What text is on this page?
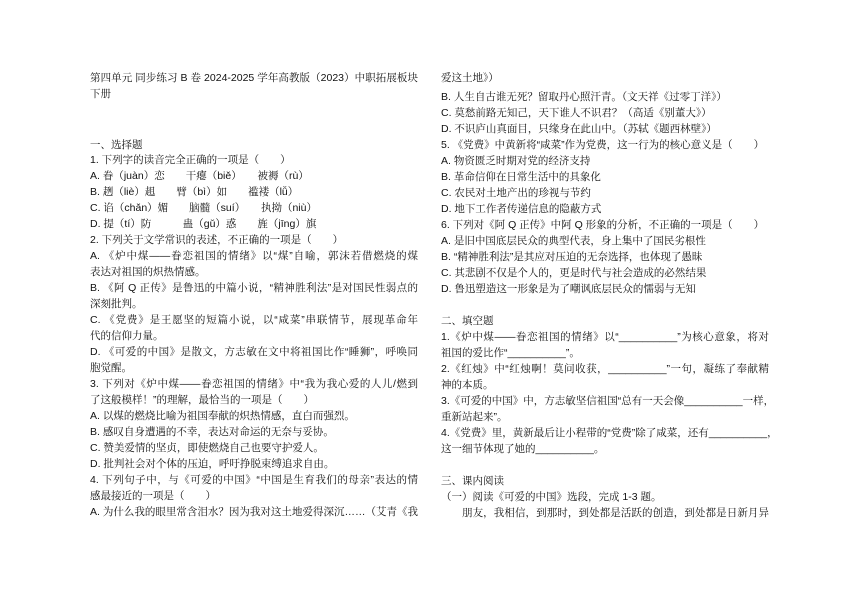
第四单元 同步练习 B 卷 2024-2025 学年高教版（2023）中职拓展板块
下册
一、选择题
1. 下列字的读音完全正确的一项是（　　）
A. 眷（juàn）恋　　干瘪（biě）　　被褥（rù）
B. 趔（liè）趄　　臂（bì）如　　褴褛（lǚ）
C. 谄（chǎn）媚　　脑髓（suí）　　执拗（niù）
D. 提（tí）防　　　蛊（gǔ）惑　　旌（jīng）旗
2. 下列关于文学常识的表述，不正确的一项是（　　）
A. 《炉中煤——眷恋祖国的情绪》以“煤”自喻，郭沫若借燃烧的煤
表达对祖国的炽热情感。
B. 《阿 Q 正传》是鲁迅的中篇小说，“精神胜利法”是对国民性弱点的
深刻批判。
C. 《党费》是王愿坚的短篇小说，以“咸菜”串联情节，展现革命年
代的信仰力量。
D. 《可爱的中国》是散文，方志敏在文中将祖国比作“睡狮”，呼唤同
胞觉醒。
3. 下列对《炉中煤——眷恋祖国的情绪》中“我为我心爱的人儿/燃到
了这般模样！”的理解，最恰当的一项是（　　）
A. 以煤的燃烧比喻为祖国奉献的炽热情感，直白而强烈。
B. 感叹自身遭遇的不幸，表达对命运的无奈与妥协。
C. 赞美爱情的坚贞，即使燃烧自己也要守护爱人。
D. 批判社会对个体的压迫，呼吁挣脱束缚追求自由。
4. 下列句子中，与《可爱的中国》“中国是生育我们的母亲”表达的情
感最接近的一项是（　　）
A. 为什么我的眼里常含泪水？因为我对这土地爱得深沉……（艾青《我
爱这土地》）
B. 人生自古谁无死？留取丹心照汗青。（文天祥《过零丁洋》）
C. 莫愁前路无知己，天下谁人不识君？（高适《别董大》）
D. 不识庐山真面目，只缘身在此山中。（苏轼《题西林壁》）
5. 《党费》中黄新将“咸菜”作为党费，这一行为的核心意义是（　　）
A. 物资匮乏时期对党的经济支持
B. 革命信仰在日常生活中的具象化
C. 农民对土地产出的珍视与节约
D. 地下工作者传递信息的隐蔽方式
6. 下列对《阿 Q 正传》中阿 Q 形象的分析，不正确的一项是（　　）
A. 是旧中国底层民众的典型代表，身上集中了国民劣根性
B. “精神胜利法”是其应对压迫的无奈选择，也体现了愚昧
C. 其悲剧不仅是个人的，更是时代与社会造成的必然结果
D. 鲁迅塑造这一形象是为了嘲讽底层民众的懦弱与无知
二、填空题
1.《炉中煤——眷恋祖国的情绪》以“__________”为核心意象，将对
祖国的爱比作“__________”。
2.《红烛》中“红烛啊！莫问收获，__________”一句，凝练了奉献精
神的本质。
3.《可爱的中国》中，方志敏坚信祖国“总有一天会像__________一样，
重新站起来”。
4.《党费》里，黄新最后让小程带的“党费”除了咸菜，还有__________，
这一细节体现了她的__________。
三、课内阅读
（一）阅读《可爱的中国》选段，完成 1-3 题。
朋友，我相信，到那时，到处都是活跃的创造，到处都是日新月异
